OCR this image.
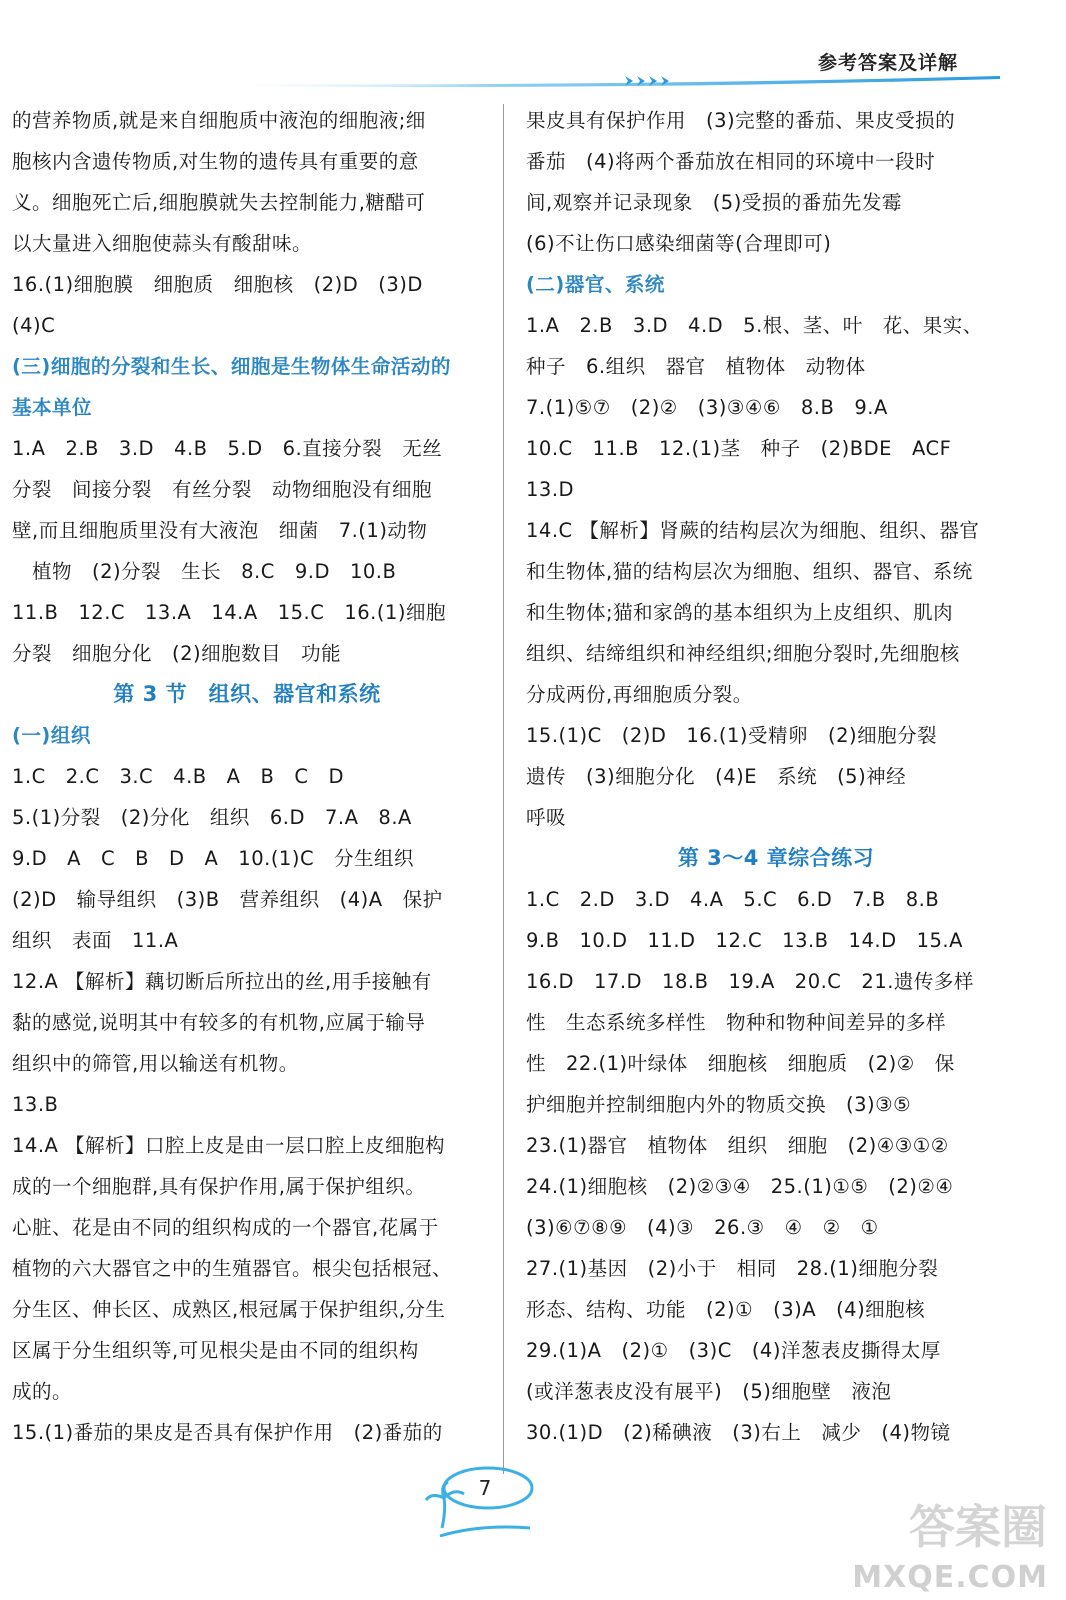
参考答案及详解
的营养物质,就是来自细胞质中液泡的细胞液;细
胞核内含遗传物质,对生物的遗传具有重要的意
义。细胞死亡后,细胞膜就失去控制能力,糖醋可
以大量进入细胞使蒜头有酸甜味。
16.(1)细胞膜　细胞质　细胞核　(2)D　(3)D
(4)C
(三)细胞的分裂和生长、细胞是生物体生命活动的
基本单位
1.A　2.B　3.D　4.B　5.D　6.直接分裂　无丝
分裂　间接分裂　有丝分裂　动物细胞没有细胞
壁,而且细胞质里没有大液泡　细菌　7.(1)动物
　植物　(2)分裂　生长　8.C　9.D　10.B
11.B　12.C　13.A　14.A　15.C　16.(1)细胞
分裂　细胞分化　(2)细胞数目　功能
第 3 节　组织、器官和系统
(一)组织
1.C　2.C　3.C　4.B　A　B　C　D
5.(1)分裂　(2)分化　组织　6.D　7.A　8.A
9.D　A　C　B　D　A　10.(1)C　分生组织
(2)D　输导组织　(3)B　营养组织　(4)A　保护
组织　表面　11.A
12.A 【解析】藕切断后所拉出的丝,用手接触有
黏的感觉,说明其中有较多的有机物,应属于输导
组织中的筛管,用以输送有机物。
13.B
14.A 【解析】口腔上皮是由一层口腔上皮细胞构
成的一个细胞群,具有保护作用,属于保护组织。
心脏、花是由不同的组织构成的一个器官,花属于
植物的六大器官之中的生殖器官。根尖包括根冠、
分生区、伸长区、成熟区,根冠属于保护组织,分生
区属于分生组织等,可见根尖是由不同的组织构
成的。
15.(1)番茄的果皮是否具有保护作用　(2)番茄的
果皮具有保护作用　(3)完整的番茄、果皮受损的
番茄　(4)将两个番茄放在相同的环境中一段时
间,观察并记录现象　(5)受损的番茄先发霉
(6)不让伤口感染细菌等(合理即可)
(二)器官、系统
1.A　2.B　3.D　4.D　5.根、茎、叶　花、果实、
种子　6.组织　器官　植物体　动物体
7.(1)⑤⑦　(2)②　(3)③④⑥　8.B　9.A
10.C　11.B　12.(1)茎　种子　(2)BDE　ACF
13.D
14.C 【解析】肾蕨的结构层次为细胞、组织、器官
和生物体,猫的结构层次为细胞、组织、器官、系统
和生物体;猫和家鸽的基本组织为上皮组织、肌肉
组织、结缔组织和神经组织;细胞分裂时,先细胞核
分成两份,再细胞质分裂。
15.(1)C　(2)D　16.(1)受精卵　(2)细胞分裂
遗传　(3)细胞分化　(4)E　系统　(5)神经
呼吸
第 3～4 章综合练习
1.C　2.D　3.D　4.A　5.C　6.D　7.B　8.B
9.B　10.D　11.D　12.C　13.B　14.D　15.A
16.D　17.D　18.B　19.A　20.C　21.遗传多样
性　生态系统多样性　物种和物种间差异的多样
性　22.(1)叶绿体　细胞核　细胞质　(2)②　保
护细胞并控制细胞内外的物质交换　(3)③⑤
23.(1)器官　植物体　组织　细胞　(2)④③①②
24.(1)细胞核　(2)②③④　25.(1)①⑤　(2)②④
(3)⑥⑦⑧⑨　(4)③　26.③　④　②　①
27.(1)基因　(2)小于　相同　28.(1)细胞分裂
形态、结构、功能　(2)①　(3)A　(4)细胞核
29.(1)A　(2)①　(3)C　(4)洋葱表皮撕得太厚
(或洋葱表皮没有展平)　(5)细胞壁　液泡
30.(1)D　(2)稀碘液　(3)右上　减少　(4)物镜
7
答案圈
MXQE.COM
